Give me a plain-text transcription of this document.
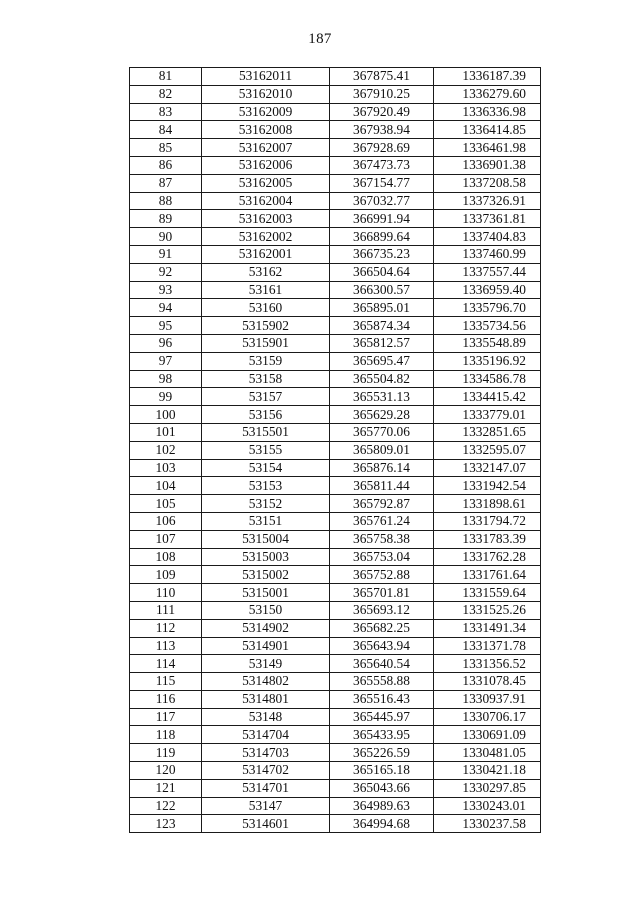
187
81	53162011	367875.41	1336187.39
82	53162010	367910.25	1336279.60
83	53162009	367920.49	1336336.98
84	53162008	367938.94	1336414.85
85	53162007	367928.69	1336461.98
86	53162006	367473.73	1336901.38
87	53162005	367154.77	1337208.58
88	53162004	367032.77	1337326.91
89	53162003	366991.94	1337361.81
90	53162002	366899.64	1337404.83
91	53162001	366735.23	1337460.99
92	53162	366504.64	1337557.44
93	53161	366300.57	1336959.40
94	53160	365895.01	1335796.70
95	5315902	365874.34	1335734.56
96	5315901	365812.57	1335548.89
97	53159	365695.47	1335196.92
98	53158	365504.82	1334586.78
99	53157	365531.13	1334415.42
100	53156	365629.28	1333779.01
101	5315501	365770.06	1332851.65
102	53155	365809.01	1332595.07
103	53154	365876.14	1332147.07
104	53153	365811.44	1331942.54
105	53152	365792.87	1331898.61
106	53151	365761.24	1331794.72
107	5315004	365758.38	1331783.39
108	5315003	365753.04	1331762.28
109	5315002	365752.88	1331761.64
110	5315001	365701.81	1331559.64
111	53150	365693.12	1331525.26
112	5314902	365682.25	1331491.34
113	5314901	365643.94	1331371.78
114	53149	365640.54	1331356.52
115	5314802	365558.88	1331078.45
116	5314801	365516.43	1330937.91
117	53148	365445.97	1330706.17
118	5314704	365433.95	1330691.09
119	5314703	365226.59	1330481.05
120	5314702	365165.18	1330421.18
121	5314701	365043.66	1330297.85
122	53147	364989.63	1330243.01
123	5314601	364994.68	1330237.58
